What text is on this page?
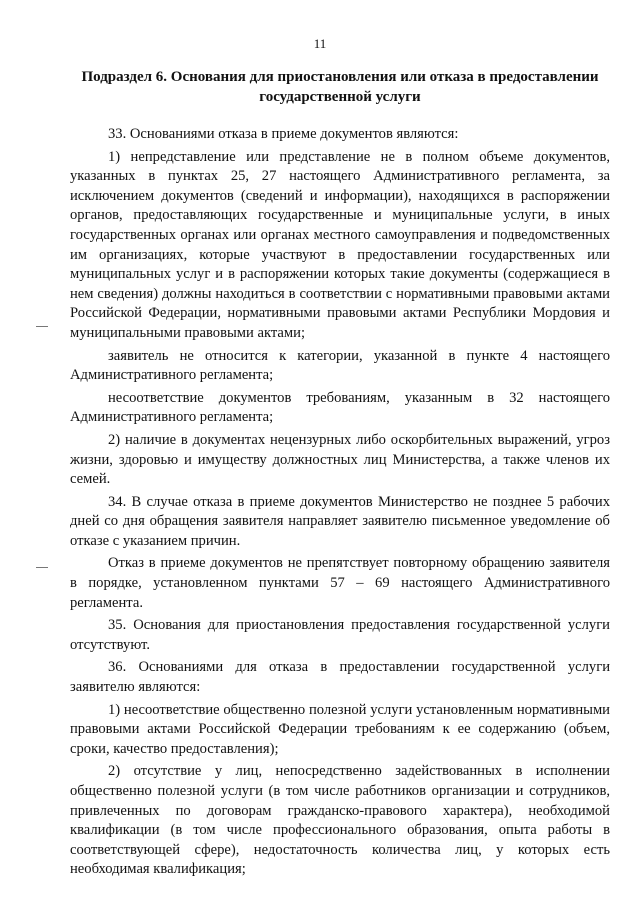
11
Подраздел 6. Основания для приостановления или отказа в предоставлении государственной услуги

33. Основаниями отказа в приеме документов являются:

1) непредставление или представление не в полном объеме документов, указанных в пунктах 25, 27 настоящего Административного регламента, за исключением документов (сведений и информации), находящихся в распоряжении органов, предоставляющих государственные и муниципальные услуги, в иных государственных органах или органах местного самоуправления и подведомственных им организациях, которые участвуют в предоставлении государственных или муниципальных услуг и в распоряжении которых такие документы (содержащиеся в нем сведения) должны находиться в соответствии с нормативными правовыми актами Российской Федерации, нормативными правовыми актами Республики Мордовия и муниципальными правовыми актами;

заявитель не относится к категории, указанной в пункте 4 настоящего Административного регламента;

несоответствие документов требованиям, указанным в 32 настоящего Административного регламента;

2) наличие в документах нецензурных либо оскорбительных выражений, угроз жизни, здоровью и имуществу должностных лиц Министерства, а также членов их семей.

34. В случае отказа в приеме документов Министерство не позднее 5 рабочих дней со дня обращения заявителя направляет заявителю письменное уведомление об отказе с указанием причин.

Отказ в приеме документов не препятствует повторному обращению заявителя в порядке, установленном пунктами 57 – 69 настоящего Административного регламента.

35. Основания для приостановления предоставления государственной услуги отсутствуют.

36. Основаниями для отказа в предоставлении государственной услуги заявителю являются:

1) несоответствие общественно полезной услуги установленным нормативными правовыми актами Российской Федерации требованиям к ее содержанию (объем, сроки, качество предоставления);

2) отсутствие у лиц, непосредственно задействованных в исполнении общественно полезной услуги (в том числе работников организации и сотрудников, привлеченных по договорам гражданско-правового характера), необходимой квалификации (в том числе профессионального образования, опыта работы в соответствующей сфере), недостаточность количества лиц, у которых есть необходимая квалификация;
